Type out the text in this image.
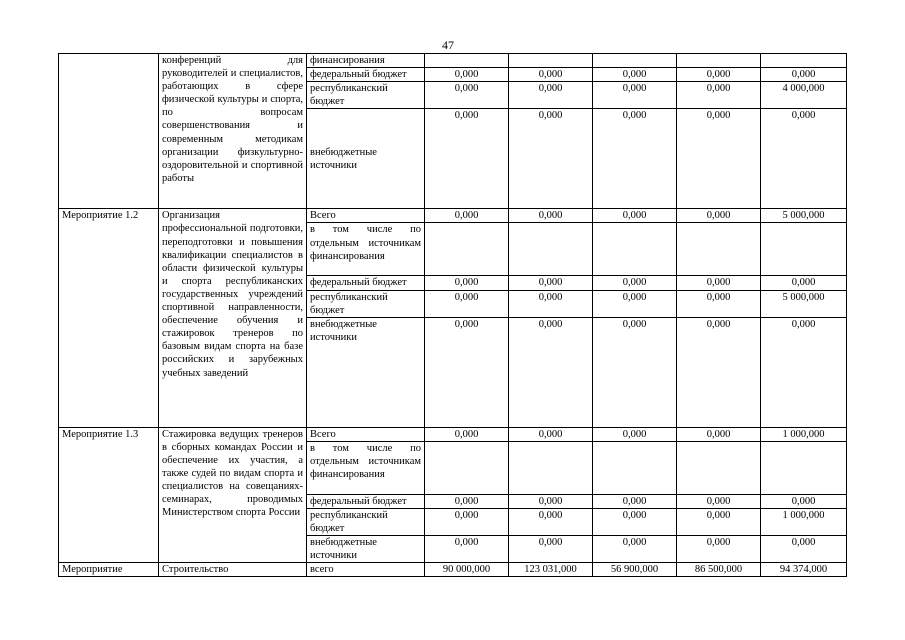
47
	конференций для руководителей и специалистов, работающих в сфере физической культуры и спорта, по вопросам совершенствования и современным методикам организации физкультурно-оздоровительной и спортивной работы	финансирования					
		федеральный бюджет	0,000	0,000	0,000	0,000	0,000
		республиканский бюджет	0,000	0,000	0,000	0,000	4 000,000
		внебюджетные источники	0,000	0,000	0,000	0,000	0,000
Мероприятие 1.2	Организация профессиональной подготовки, переподготовки и повышения квалификации специалистов в области физической культуры и спорта республиканских государственных учреждений спортивной направленности, обеспечение обучения и стажировок тренеров по базовым видам спорта на базе российских и зарубежных учебных заведений	Всего	0,000	0,000	0,000	0,000	5 000,000
		в том числе по отдельным источникам финансирования					
		федеральный бюджет	0,000	0,000	0,000	0,000	0,000
		республиканский бюджет	0,000	0,000	0,000	0,000	5 000,000
		внебюджетные источники	0,000	0,000	0,000	0,000	0,000
Мероприятие 1.3	Стажировка ведущих тренеров в сборных командах России и обеспечение их участия, а также судей по видам спорта и специалистов на совещаниях-семинарах, проводимых Министерством спорта России	Всего	0,000	0,000	0,000	0,000	1 000,000
		в том числе по отдельным источникам финансирования					
		федеральный бюджет	0,000	0,000	0,000	0,000	0,000
		республиканский бюджет	0,000	0,000	0,000	0,000	1 000,000
		внебюджетные источники	0,000	0,000	0,000	0,000	0,000
Мероприятие	Строительство	всего	90 000,000	123 031,000	56 900,000	86 500,000	94 374,000
